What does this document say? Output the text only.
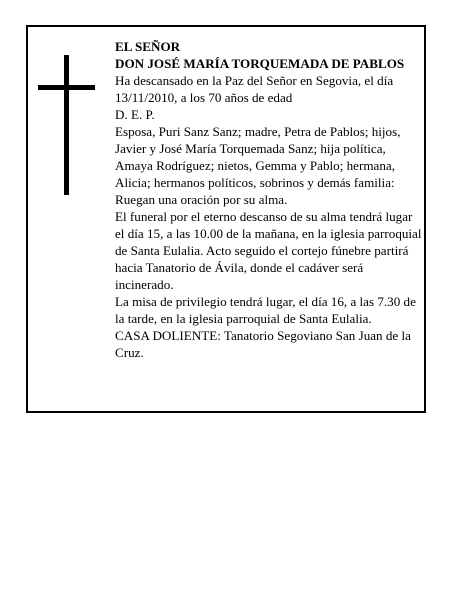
EL SEÑOR

DON JOSÉ MARÍA TORQUEMADA DE PABLOS

Ha descansado en la Paz del Señor en Segovia, el día 13/11/2010, a los 70 años de edad

D. E. P.

Esposa, Puri Sanz Sanz; madre, Petra de Pablos; hijos, Javier y José María Torquemada Sanz; hija política, Amaya Rodríguez; nietos, Gemma y Pablo; hermana, Alicia; hermanos políticos, sobrinos y demás familia: Ruegan una oración por su alma.

El funeral por el eterno descanso de su alma tendrá lugar el día 15, a las 10.00 de la mañana, en la iglesia parroquial de Santa Eulalia. Acto seguido el cortejo fúnebre partirá hacia Tanatorio de Ávila, donde el cadáver será incinerado.

La misa de privilegio tendrá lugar, el día 16, a las 7.30 de la tarde, en la iglesia parroquial de Santa Eulalia.

CASA DOLIENTE: Tanatorio Segoviano San Juan de la Cruz.
